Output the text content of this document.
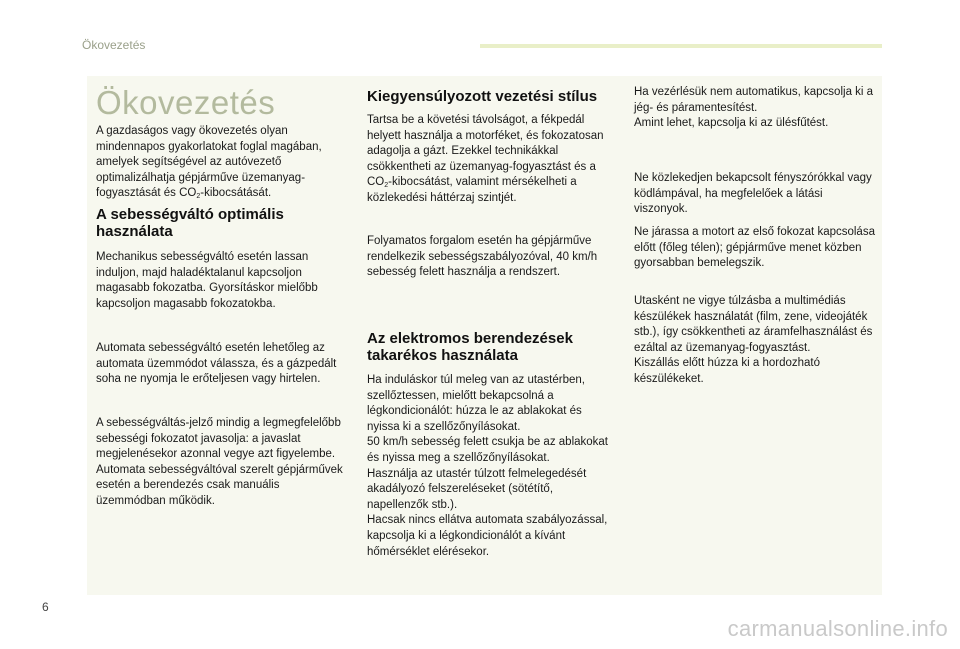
Ökovezetés
Ökovezetés

A gazdaságos vagy ökovezetés olyan mindennapos gyakorlatokat foglal magában, amelyek segítségével az autóvezető optimalizálhatja gépjárműve üzemanyag-fogyasztását és $CO_2$-kibocsátását.

A sebességváltó optimális használata

Mechanikus sebességváltó esetén lassan induljon, majd haladéktalanul kapcsoljon magasabb fokozatba. Gyorsításkor mielőbb kapcsoljon magasabb fokozatokba.

Automata sebességváltó esetén lehetőleg az automata üzemmódot válassza, és a gázpedált soha ne nyomja le erőteljesen vagy hirtelen.

A sebességváltás-jelző mindig a legmegfelelőbb sebességi fokozatot javasolja: a javaslat megjelenésekor azonnal vegye azt figyelembe.
Automata sebességváltóval szerelt gépjárművek esetén a berendezés csak manuális üzemmódban működik.

Kiegyensúlyozott vezetési stílus

Tartsa be a követési távolságot, a fékpedál helyett használja a motorféket, és fokozatosan adagolja a gázt. Ezekkel technikákkal csökkentheti az üzemanyag-fogyasztást és a $CO_2$-kibocsátást, valamint mérsékelheti a közlekedési háttérzaj szintjét.

Folyamatos forgalom esetén ha gépjárműve rendelkezik sebességszabályozóval, 40 km/h sebesség felett használja a rendszert.

Az elektromos berendezések takarékos használata

Ha induláskor túl meleg van az utastérben, szellőztessen, mielőtt bekapcsolná a légkondicionálót: húzza le az ablakokat és nyissa ki a szellőzőnyílásokat.
50 km/h sebesség felett csukja be az ablakokat és nyissa meg a szellőzőnyílásokat.
Használja az utastér túlzott felmelegedését akadályozó felszereléseket (sötétítő, napellenzők stb.).
Hacsak nincs ellátva automata szabályozással, kapcsolja ki a légkondicionálót a kívánt hőmérséklet elérésekor.

Ha vezérlésük nem automatikus, kapcsolja ki a jég- és páramentesítést.
Amint lehet, kapcsolja ki az ülésfűtést.

Ne közlekedjen bekapcsolt fényszórókkal vagy ködlámpával, ha megfelelőek a látási viszonyok.

Ne járassa a motort az első fokozat kapcsolása előtt (főleg télen); gépjárműve menet közben gyorsabban bemelegszik.

Utasként ne vigye túlzásba a multimédiás készülékek használatát (film, zene, videojáték stb.), így csökkentheti az áramfelhasználást és ezáltal az üzemanyag-fogyasztást.
Kiszállás előtt húzza ki a hordozható készülékeket.

6
carmanualsonline.info
